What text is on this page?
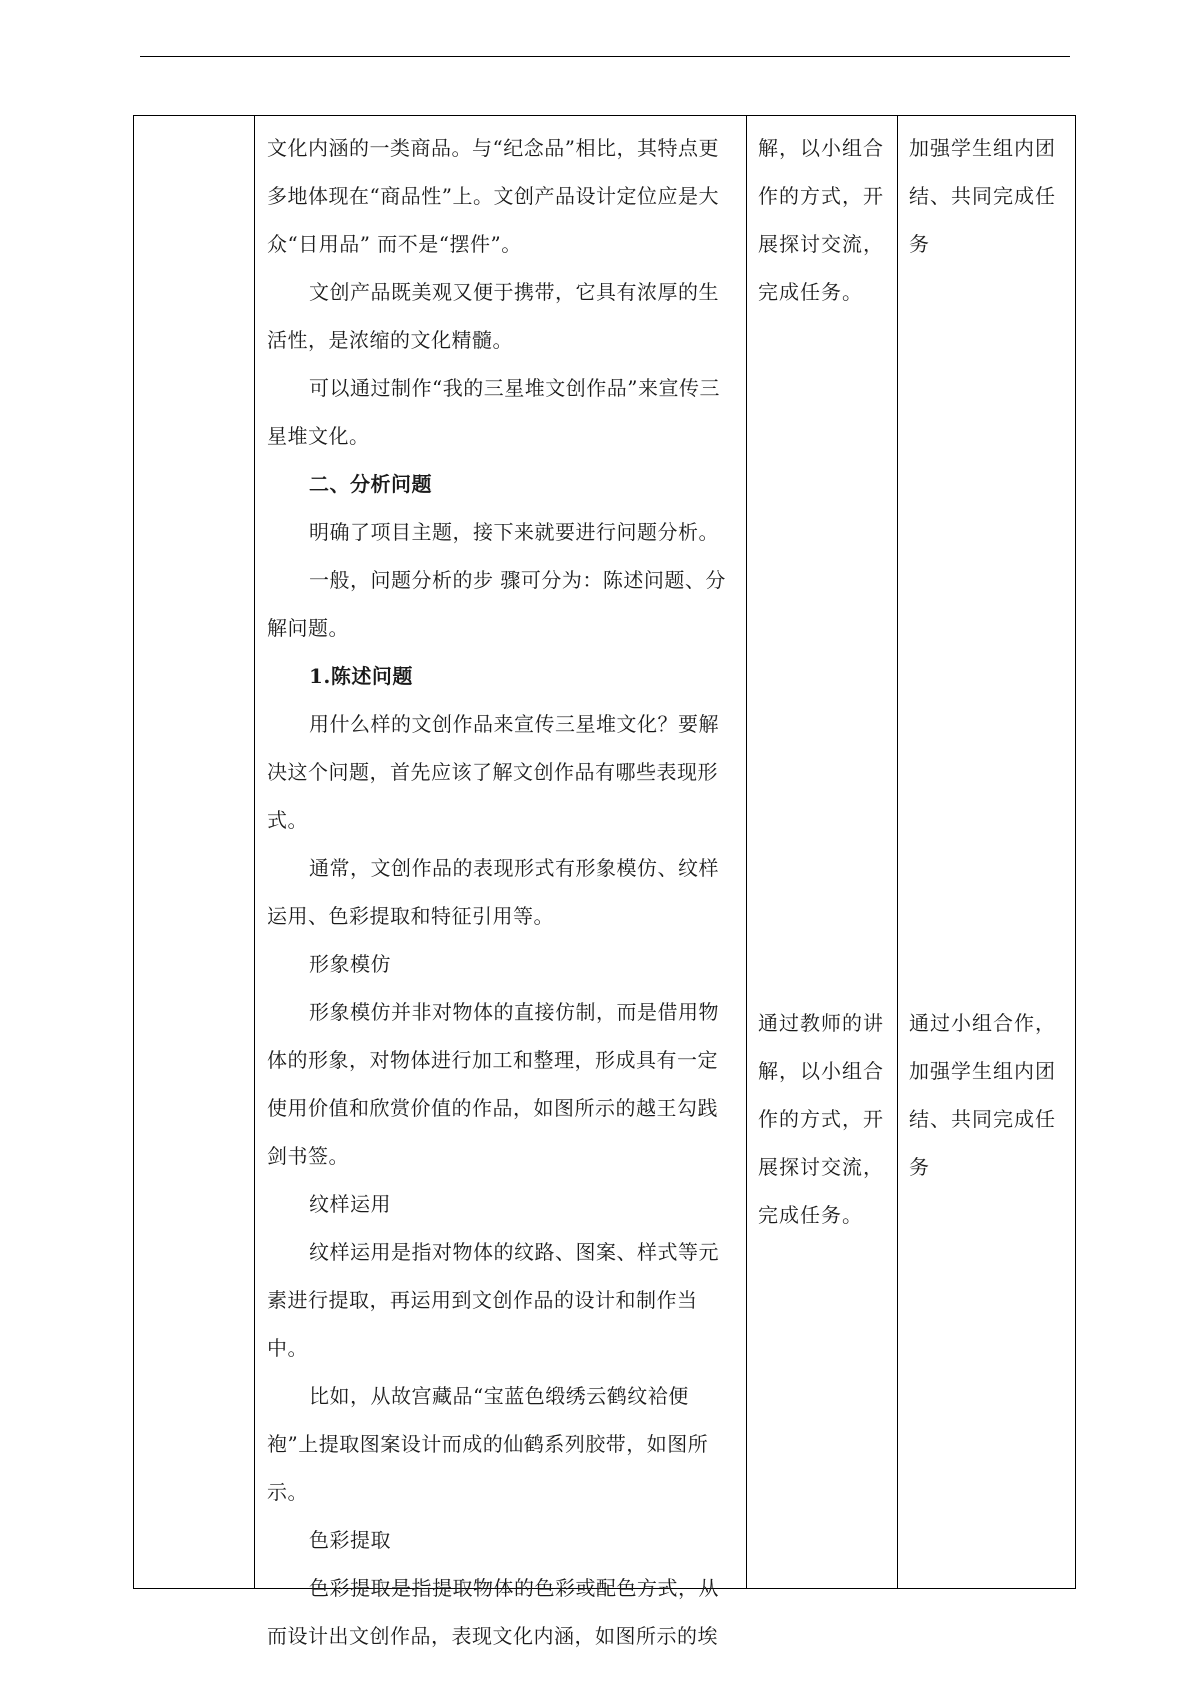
文化内涵的一类商品。与“纪念品”相比，其特点更多地体现在“商品性”上。文创产品设计定位应是大众“日用品” 而不是“摆件”。

文创产品既美观又便于携带，它具有浓厚的生活性，是浓缩的文化精髓。

可以通过制作“我的三星堆文创作品”来宣传三星堆文化。

二、分析问题

明确了项目主题，接下来就要进行问题分析。

一般，问题分析的步 骤可分为：陈述问题、分解问题。

1.陈述问题

用什么样的文创作品来宣传三星堆文化？要解决这个问题，首先应该了解文创作品有哪些表现形式。

通常，文创作品的表现形式有形象模仿、纹样运用、色彩提取和特征引用等。

形象模仿

形象模仿并非对物体的直接仿制，而是借用物体的形象，对物体进行加工和整理，形成具有一定使用价值和欣赏价值的作品，如图所示的越王勾践剑书签。

纹样运用

纹样运用是指对物体的纹路、图案、样式等元素进行提取，再运用到文创作品的设计和制作当中。

比如，从故宫藏品“宝蓝色缎绣云鹤纹袷便袍”上提取图案设计而成的仙鹤系列胶带，如图所示。

色彩提取

色彩提取是指提取物体的色彩或配色方式，从而设计出文创作品，表现文化内涵，如图所示的埃

解，以小组合作的方式，开展探讨交流，完成任务。

通过教师的讲解，以小组合作的方式，开展探讨交流，完成任务。

加强学生组内团结、共同完成任务

通过小组合作，加强学生组内团结、共同完成任务
